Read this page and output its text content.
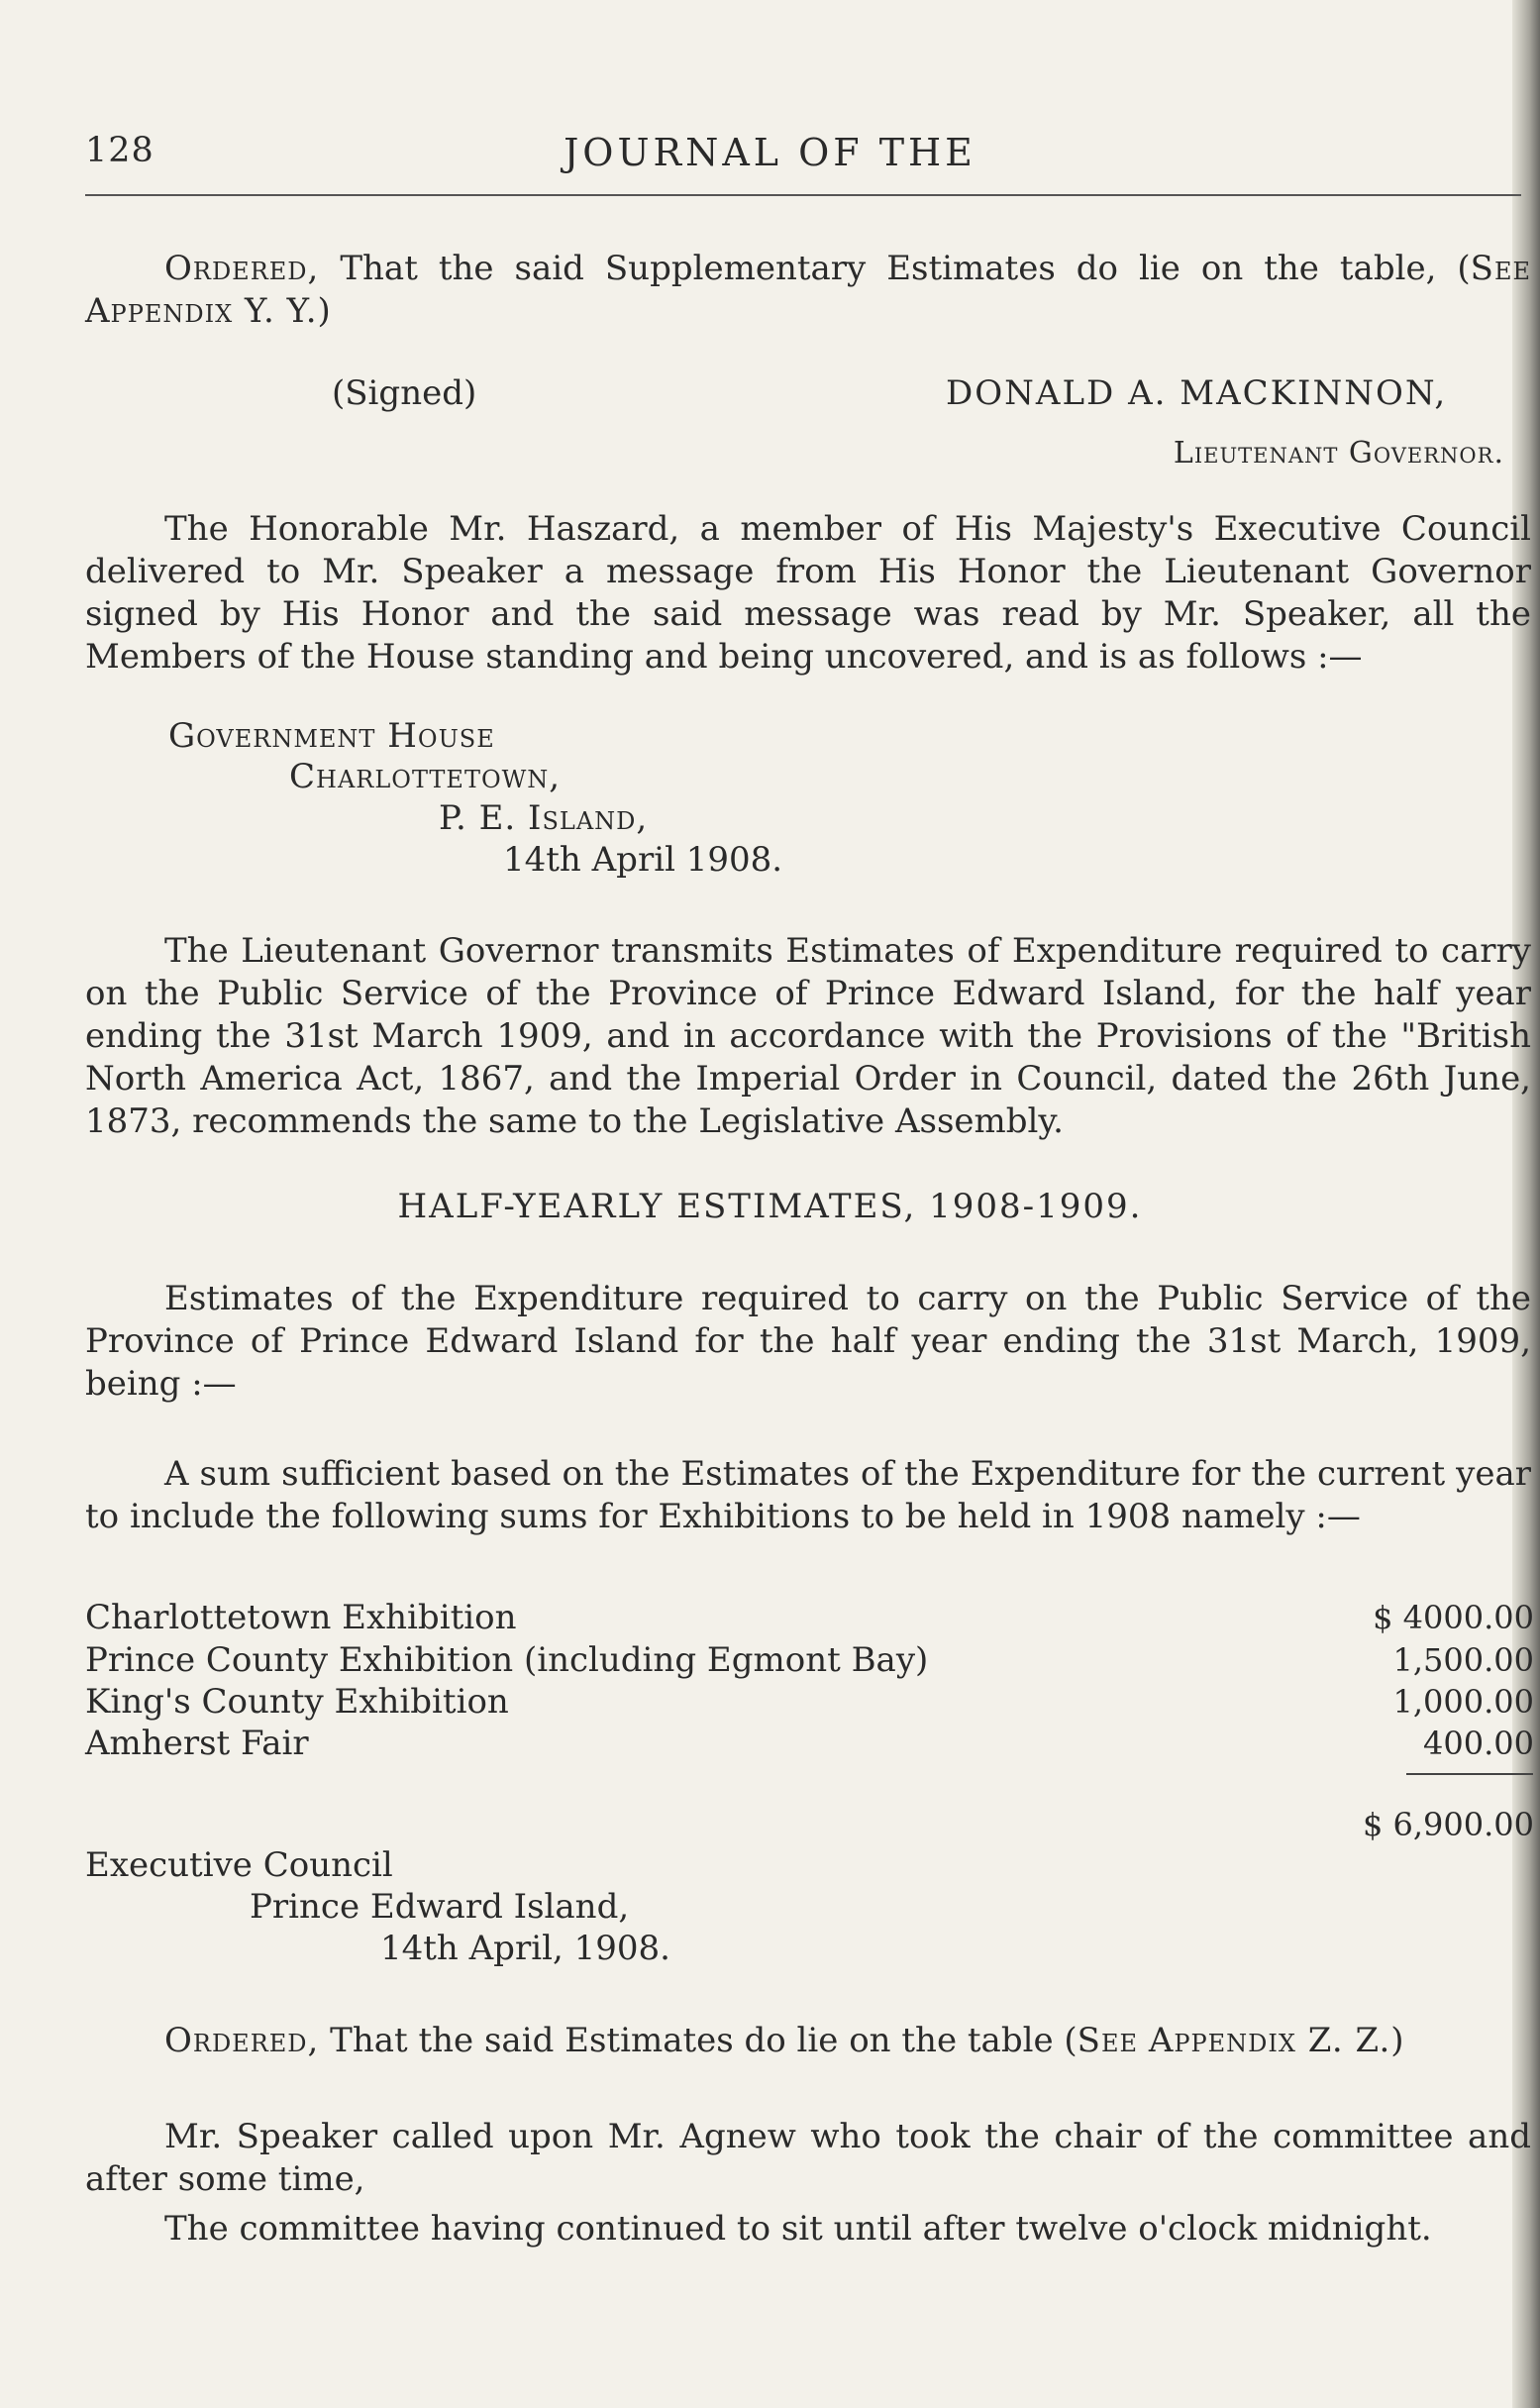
128	JOURNAL OF THE
Ordered, That the said Supplementary Estimates do lie on the table, (See Appendix Y. Y.)
(Signed)	DONALD A. MACKINNON,
Lieutenant Governor.
The Honorable Mr. Haszard, a member of His Majesty's Executive Council delivered to Mr. Speaker a message from His Honor the Lieutenant Governor signed by His Honor and the said message was read by Mr. Speaker, all the Members of the House standing and being uncovered, and is as follows :—
Government House
Charlottetown,
P. E. Island,
14th April 1908.
The Lieutenant Governor transmits Estimates of Expenditure required to carry on the Public Service of the Province of Prince Edward Island, for the half year ending the 31st March 1909, and in accordance with the Provisions of the "British North America Act, 1867, and the Imperial Order in Council, dated the 26th June, 1873, recommends the same to the Legislative Assembly.
HALF-YEARLY ESTIMATES, 1908-1909.
Estimates of the Expenditure required to carry on the Public Service of the Province of Prince Edward Island for the half year ending the 31st March, 1909, being :—
A sum sufficient based on the Estimates of the Expenditure for the current year to include the following sums for Exhibitions to be held in 1908 namely :—
Charlottetown Exhibition	$ 4000.00
Prince County Exhibition (including Egmont Bay)	1,500.00
King's County Exhibition	1,000.00
Amherst Fair	400.00
$ 6,900.00
Executive Council
Prince Edward Island,
14th April, 1908.
Ordered, That the said Estimates do lie on the table (See Appendix Z. Z.)
Mr. Speaker called upon Mr. Agnew who took the chair of the committee and after some time,
The committee having continued to sit until after twelve o'clock midnight.
